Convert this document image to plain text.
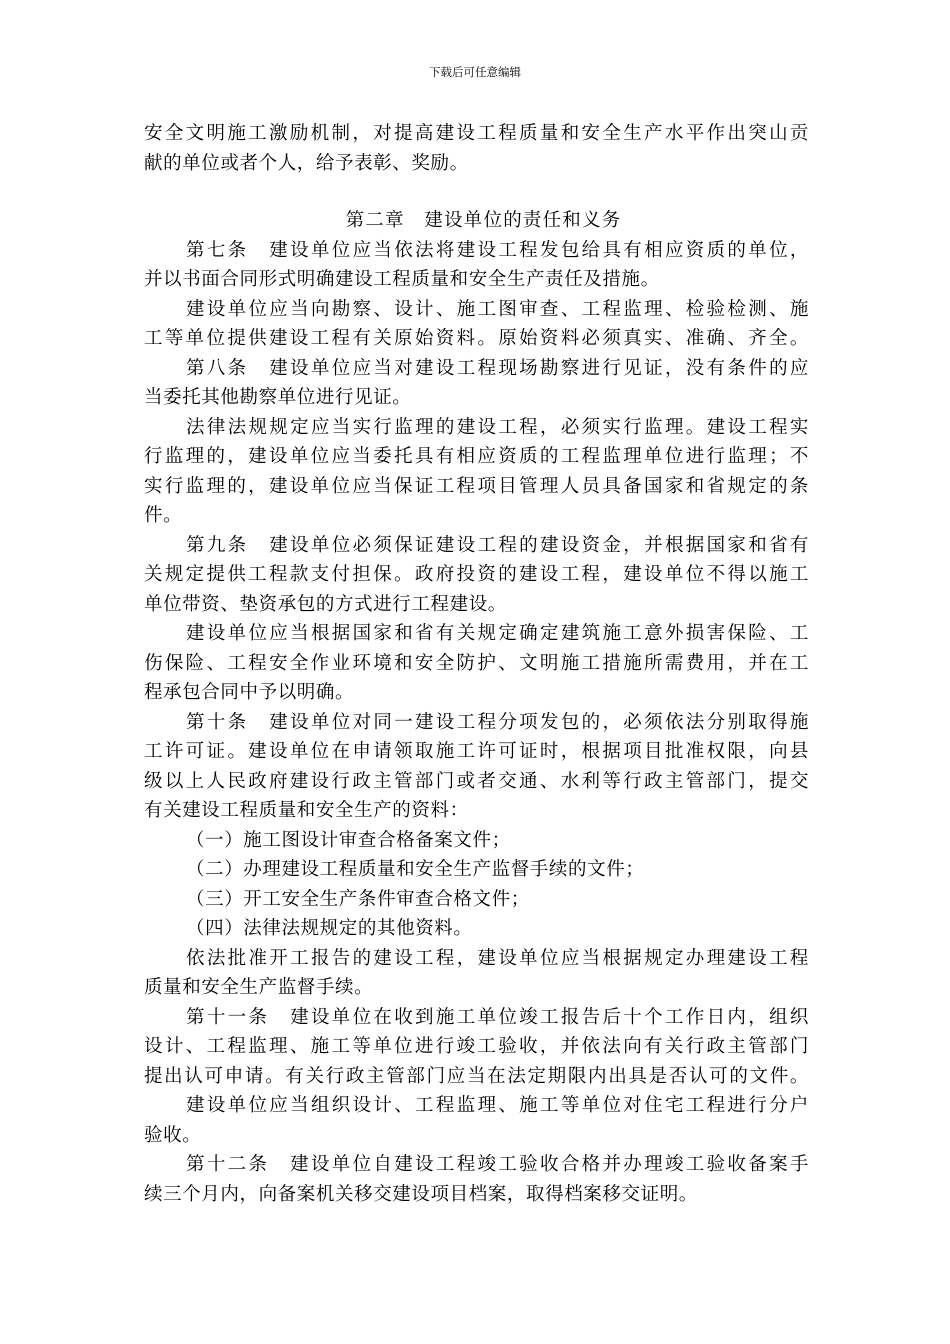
下载后可任意编辑
安全文明施工激励机制，对提高建设工程质量和安全生产水平作出突山贡
献的单位或者个人，给予表彰、奖励。
第二章　建设单位的责任和义务
第七条　建设单位应当依法将建设工程发包给具有相应资质的单位，
并以书面合同形式明确建设工程质量和安全生产责任及措施。
建设单位应当向勘察、设计、施工图审查、工程监理、检验检测、施
工等单位提供建设工程有关原始资料。原始资料必须真实、准确、齐全。
第八条　建设单位应当对建设工程现场勘察进行见证，没有条件的应
当委托其他勘察单位进行见证。
法律法规规定应当实行监理的建设工程，必须实行监理。建设工程实
行监理的，建设单位应当委托具有相应资质的工程监理单位进行监理；不
实行监理的，建设单位应当保证工程项目管理人员具备国家和省规定的条
件。
第九条　建设单位必须保证建设工程的建设资金，并根据国家和省有
关规定提供工程款支付担保。政府投资的建设工程，建设单位不得以施工
单位带资、垫资承包的方式进行工程建设。
建设单位应当根据国家和省有关规定确定建筑施工意外损害保险、工
伤保险、工程安全作业环境和安全防护、文明施工措施所需费用，并在工
程承包合同中予以明确。
第十条　建设单位对同一建设工程分项发包的，必须依法分别取得施
工许可证。建设单位在申请领取施工许可证时，根据项目批准权限，向县
级以上人民政府建设行政主管部门或者交通、水利等行政主管部门，提交
有关建设工程质量和安全生产的资料：
（一）施工图设计审查合格备案文件；
（二）办理建设工程质量和安全生产监督手续的文件；
（三）开工安全生产条件审查合格文件；
（四）法律法规规定的其他资料。
依法批准开工报告的建设工程，建设单位应当根据规定办理建设工程
质量和安全生产监督手续。
第十一条　建设单位在收到施工单位竣工报告后十个工作日内，组织
设计、工程监理、施工等单位进行竣工验收，并依法向有关行政主管部门
提出认可申请。有关行政主管部门应当在法定期限内出具是否认可的文件。
建设单位应当组织设计、工程监理、施工等单位对住宅工程进行分户
验收。
第十二条　建设单位自建设工程竣工验收合格并办理竣工验收备案手
续三个月内，向备案机关移交建设项目档案，取得档案移交证明。
